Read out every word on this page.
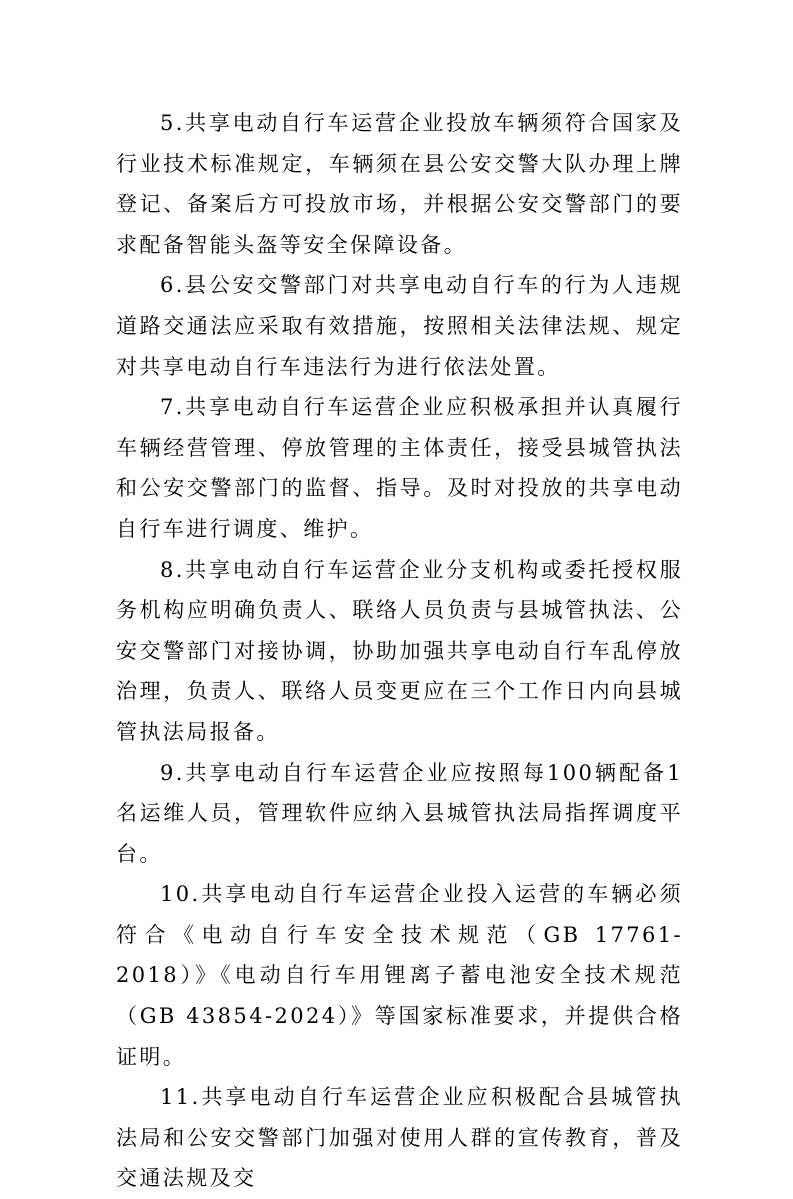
5.共享电动自行车运营企业投放车辆须符合国家及行业技术标准规定，车辆须在县公安交警大队办理上牌登记、备案后方可投放市场，并根据公安交警部门的要求配备智能头盔等安全保障设备。

6.县公安交警部门对共享电动自行车的行为人违规道路交通法应采取有效措施，按照相关法律法规、规定对共享电动自行车违法行为进行依法处置。

7.共享电动自行车运营企业应积极承担并认真履行车辆经营管理、停放管理的主体责任，接受县城管执法和公安交警部门的监督、指导。及时对投放的共享电动自行车进行调度、维护。

8.共享电动自行车运营企业分支机构或委托授权服务机构应明确负责人、联络人员负责与县城管执法、公安交警部门对接协调，协助加强共享电动自行车乱停放治理，负责人、联络人员变更应在三个工作日内向县城管执法局报备。

9.共享电动自行车运营企业应按照每100辆配备1名运维人员，管理软件应纳入县城管执法局指挥调度平台。

10.共享电动自行车运营企业投入运营的车辆必须符合《电动自行车安全技术规范（GB 17761-2018）》《电动自行车用锂离子蓄电池安全技术规范（GB 43854-2024）》等国家标准要求，并提供合格证明。

11.共享电动自行车运营企业应积极配合县城管执法局和公安交警部门加强对使用人群的宣传教育，普及交通法规及交
